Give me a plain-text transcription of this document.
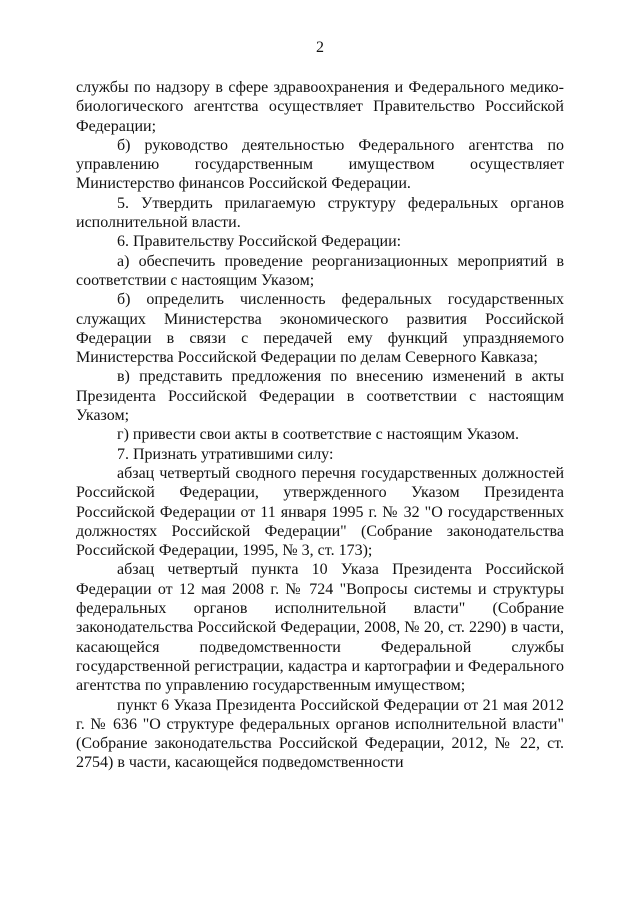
2

службы по надзору в сфере здравоохранения и Федерального медико-биологического агентства осуществляет Правительство Российской Федерации;

б) руководство деятельностью Федерального агентства по управлению государственным имуществом осуществляет Министерство финансов Российской Федерации.

5. Утвердить прилагаемую структуру федеральных органов исполнительной власти.

6. Правительству Российской Федерации:

а) обеспечить проведение реорганизационных мероприятий в соответствии с настоящим Указом;

б) определить численность федеральных государственных служащих Министерства экономического развития Российской Федерации в связи с передачей ему функций упраздняемого Министерства Российской Федерации по делам Северного Кавказа;

в) представить предложения по внесению изменений в акты Президента Российской Федерации в соответствии с настоящим Указом;

г) привести свои акты в соответствие с настоящим Указом.

7. Признать утратившими силу:

абзац четвертый сводного перечня государственных должностей Российской Федерации, утвержденного Указом Президента Российской Федерации от 11 января 1995 г. № 32 "О государственных должностях Российской Федерации" (Собрание законодательства Российской Федерации, 1995, № 3, ст. 173);

абзац четвертый пункта 10 Указа Президента Российской Федерации от 12 мая 2008 г. № 724 "Вопросы системы и структуры федеральных органов исполнительной власти" (Собрание законодательства Российской Федерации, 2008, № 20, ст. 2290) в части, касающейся подведомственности Федеральной службы государственной регистрации, кадастра и картографии и Федерального агентства по управлению государственным имуществом;

пункт 6 Указа Президента Российской Федерации от 21 мая 2012 г. № 636 "О структуре федеральных органов исполнительной власти" (Собрание законодательства Российской Федерации, 2012, № 22, ст. 2754) в части, касающейся подведомственности
